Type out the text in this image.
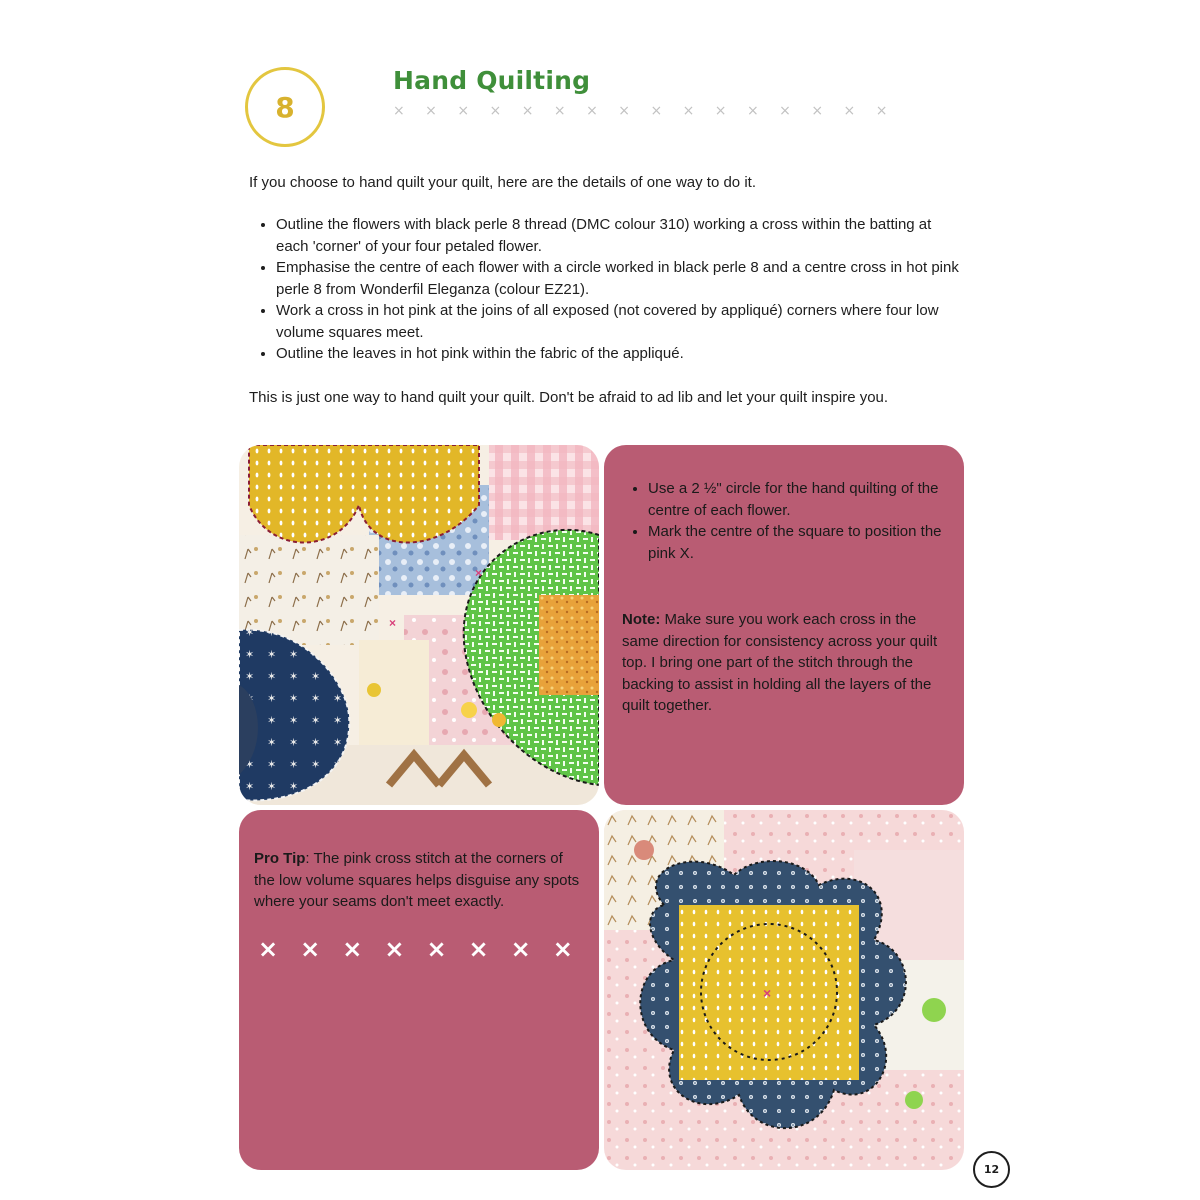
8
Hand Quilting
× × × × × × × × × × × × × × × ×

If you choose to hand quilt your quilt, here are the details of one way to do it.

• Outline the flowers with black perle 8 thread (DMC colour 310) working a cross within the batting at each 'corner' of your four petaled flower.
• Emphasise the centre of each flower with a circle worked in black perle 8 and a centre cross in hot pink perle 8 from Wonderfil Eleganza (colour EZ21).
• Work a cross in hot pink at the joins of all exposed (not covered by appliqué) corners where four low volume squares meet.
• Outline the leaves in hot pink within the fabric of the appliqué.

This is just one way to hand quilt your quilt. Don't be afraid to ad lib and let your quilt inspire you.

×
×
• Use a 2 ½" circle for the hand quilting of the centre of each flower.
• Mark the centre of the square to position the pink X.

Note: Make sure you work each cross in the same direction for consistency across your quilt top. I bring one part of the stitch through the backing to assist in holding all the layers of the quilt together.

Pro Tip: The pink cross stitch at the corners of the low volume squares helps disguise any spots where your seams don't meet exactly.

× × × × × × × ×
×
12
